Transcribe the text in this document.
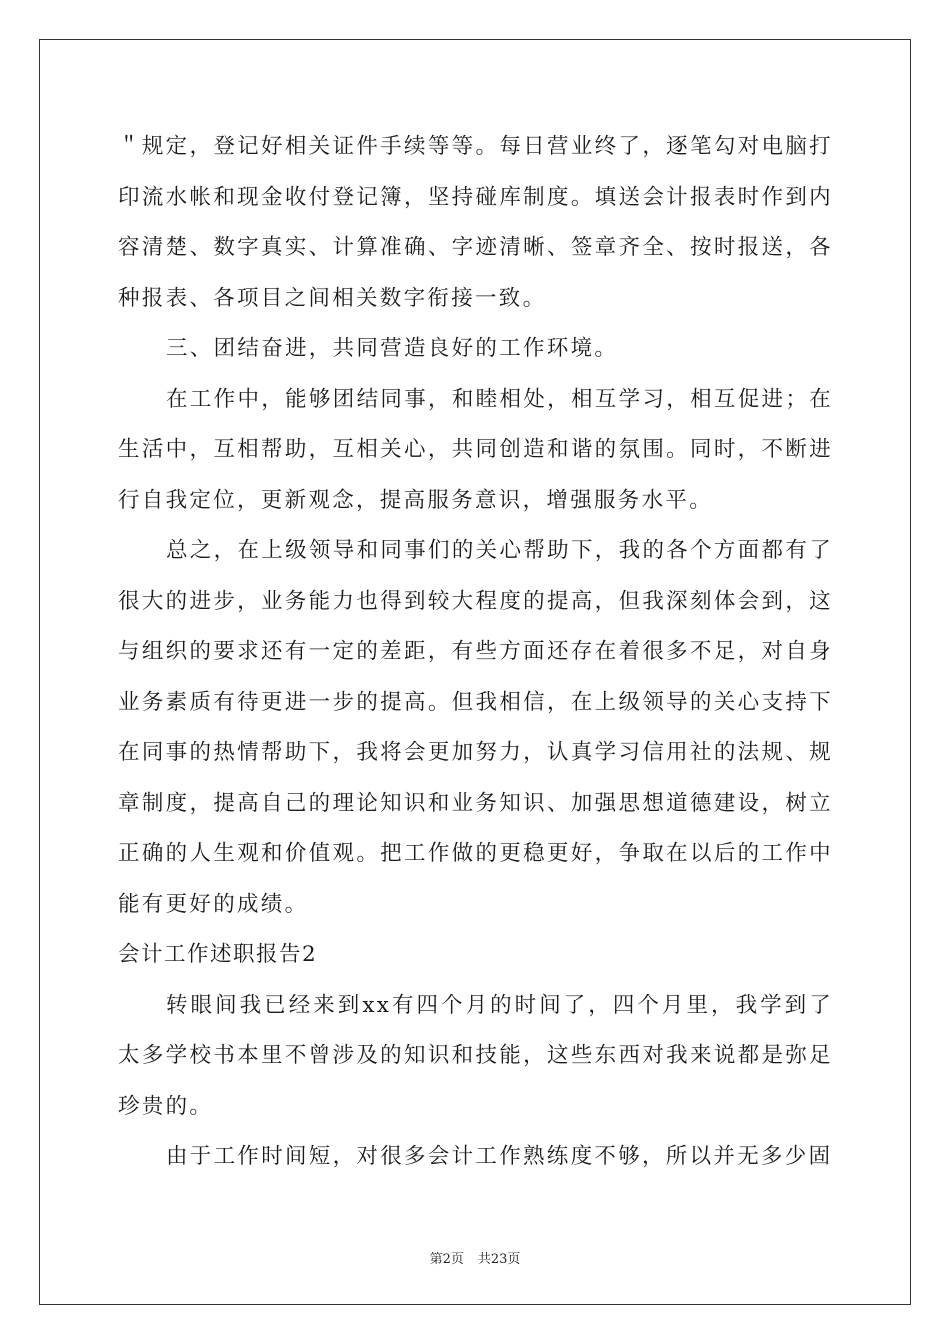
＂规定，登记好相关证件手续等等。每日营业终了，逐笔勾对电脑打印流水帐和现金收付登记簿，坚持碰库制度。填送会计报表时作到内容清楚、数字真实、计算准确、字迹清晰、签章齐全、按时报送，各种报表、各项目之间相关数字衔接一致。

三、团结奋进，共同营造良好的工作环境。

在工作中，能够团结同事，和睦相处，相互学习，相互促进；在生活中，互相帮助，互相关心，共同创造和谐的氛围。同时，不断进行自我定位，更新观念，提高服务意识，增强服务水平。

总之，在上级领导和同事们的关心帮助下，我的各个方面都有了很大的进步，业务能力也得到较大程度的提高，但我深刻体会到，这与组织的要求还有一定的差距，有些方面还存在着很多不足，对自身业务素质有待更进一步的提高。但我相信，在上级领导的关心支持下在同事的热情帮助下，我将会更加努力，认真学习信用社的法规、规章制度，提高自己的理论知识和业务知识、加强思想道德建设，树立正确的人生观和价值观。把工作做的更稳更好，争取在以后的工作中能有更好的成绩。

会计工作述职报告2

转眼间我已经来到xx有四个月的时间了，四个月里，我学到了太多学校书本里不曾涉及的知识和技能，这些东西对我来说都是弥足珍贵的。

由于工作时间短，对很多会计工作熟练度不够，所以并无多少固

第2页 共23页
